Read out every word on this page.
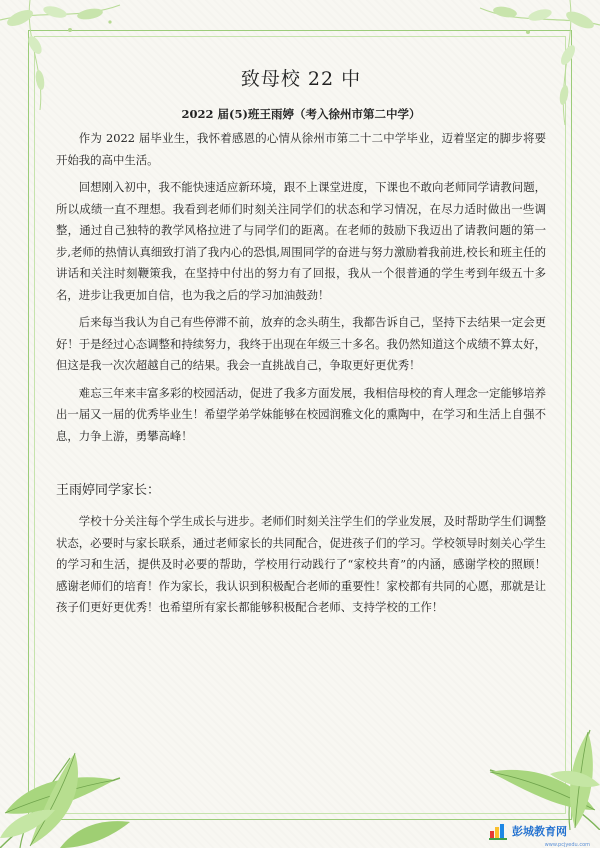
致母校 22 中
2022 届(5)班王雨婷（考入徐州市第二中学）

作为 2022 届毕业生，我怀着感恩的心情从徐州市第二十二中学毕业，迈着坚定的脚步将要开始我的高中生活。

回想刚入初中，我不能快速适应新环境，跟不上课堂进度，下课也不敢向老师同学请教问题，所以成绩一直不理想。我看到老师们时刻关注同学们的状态和学习情况，在尽力适时做出一些调整，通过自己独特的教学风格拉进了与同学们的距离。在老师的鼓励下我迈出了请教问题的第一步,老师的热情认真细致打消了我内心的恐惧,周围同学的奋进与努力激励着我前进,校长和班主任的讲话和关注时刻鞭策我，在坚持中付出的努力有了回报，我从一个很普通的学生考到年级五十多名，进步让我更加自信，也为我之后的学习加油鼓劲！

后来每当我认为自己有些停滞不前，放弃的念头萌生，我都告诉自己，坚持下去结果一定会更好！于是经过心态调整和持续努力，我终于出现在年级三十多名。我仍然知道这个成绩不算太好，但这是我一次次超越自己的结果。我会一直挑战自己，争取更好更优秀！

难忘三年来丰富多彩的校园活动，促进了我多方面发展，我相信母校的育人理念一定能够培养出一届又一届的优秀毕业生！希望学弟学妹能够在校园润雅文化的熏陶中，在学习和生活上自强不息，力争上游，勇攀高峰！

王雨婷同学家长：

学校十分关注每个学生成长与进步。老师们时刻关注学生们的学业发展，及时帮助学生们调整状态，必要时与家长联系，通过老师家长的共同配合，促进孩子们的学习。学校领导时刻关心学生的学习和生活，提供及时必要的帮助，学校用行动践行了“家校共育”的内涵，感谢学校的照顾！感谢老师们的培育！作为家长，我认识到积极配合老师的重要性！家校都有共同的心愿，那就是让孩子们更好更优秀！也希望所有家长都能够积极配合老师、支持学校的工作！

彭城教育网
www.pcjyedu.com
